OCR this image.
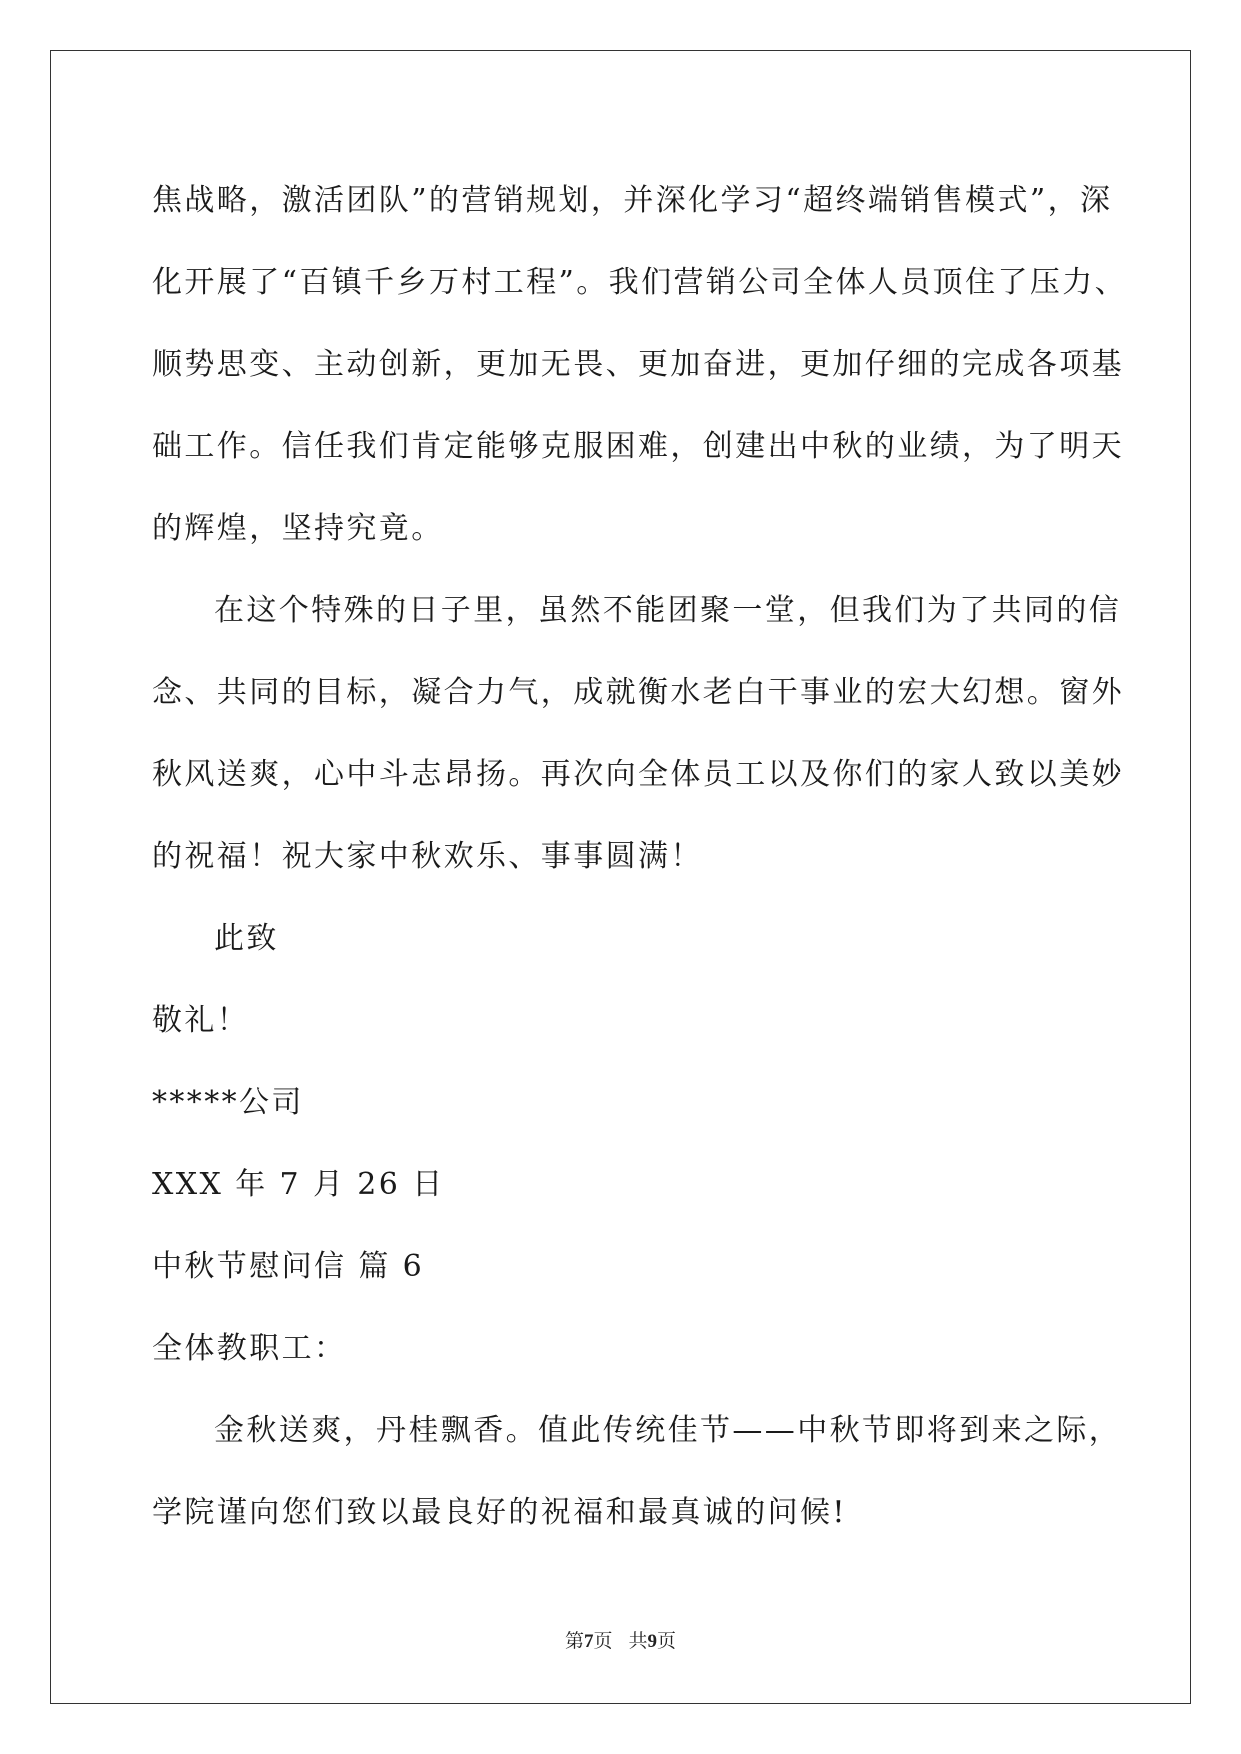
焦战略，激活团队”的营销规划，并深化学习“超终端销售模式”，深
化开展了“百镇千乡万村工程”。我们营销公司全体人员顶住了压力、
顺势思变、主动创新，更加无畏、更加奋进，更加仔细的完成各项基
础工作。信任我们肯定能够克服困难，创建出中秋的业绩，为了明天
的辉煌，坚持究竟。
在这个特殊的日子里，虽然不能团聚一堂，但我们为了共同的信
念、共同的目标，凝合力气，成就衡水老白干事业的宏大幻想。窗外
秋风送爽，心中斗志昂扬。再次向全体员工以及你们的家人致以美妙
的祝福！祝大家中秋欢乐、事事圆满！
此致
敬礼！
*****公司
XXX 年 7 月 26 日
中秋节慰问信 篇 6
全体教职工：
金秋送爽，丹桂飘香。值此传统佳节——中秋节即将到来之际，
学院谨向您们致以最良好的祝福和最真诚的问候!
第7页 共9页
